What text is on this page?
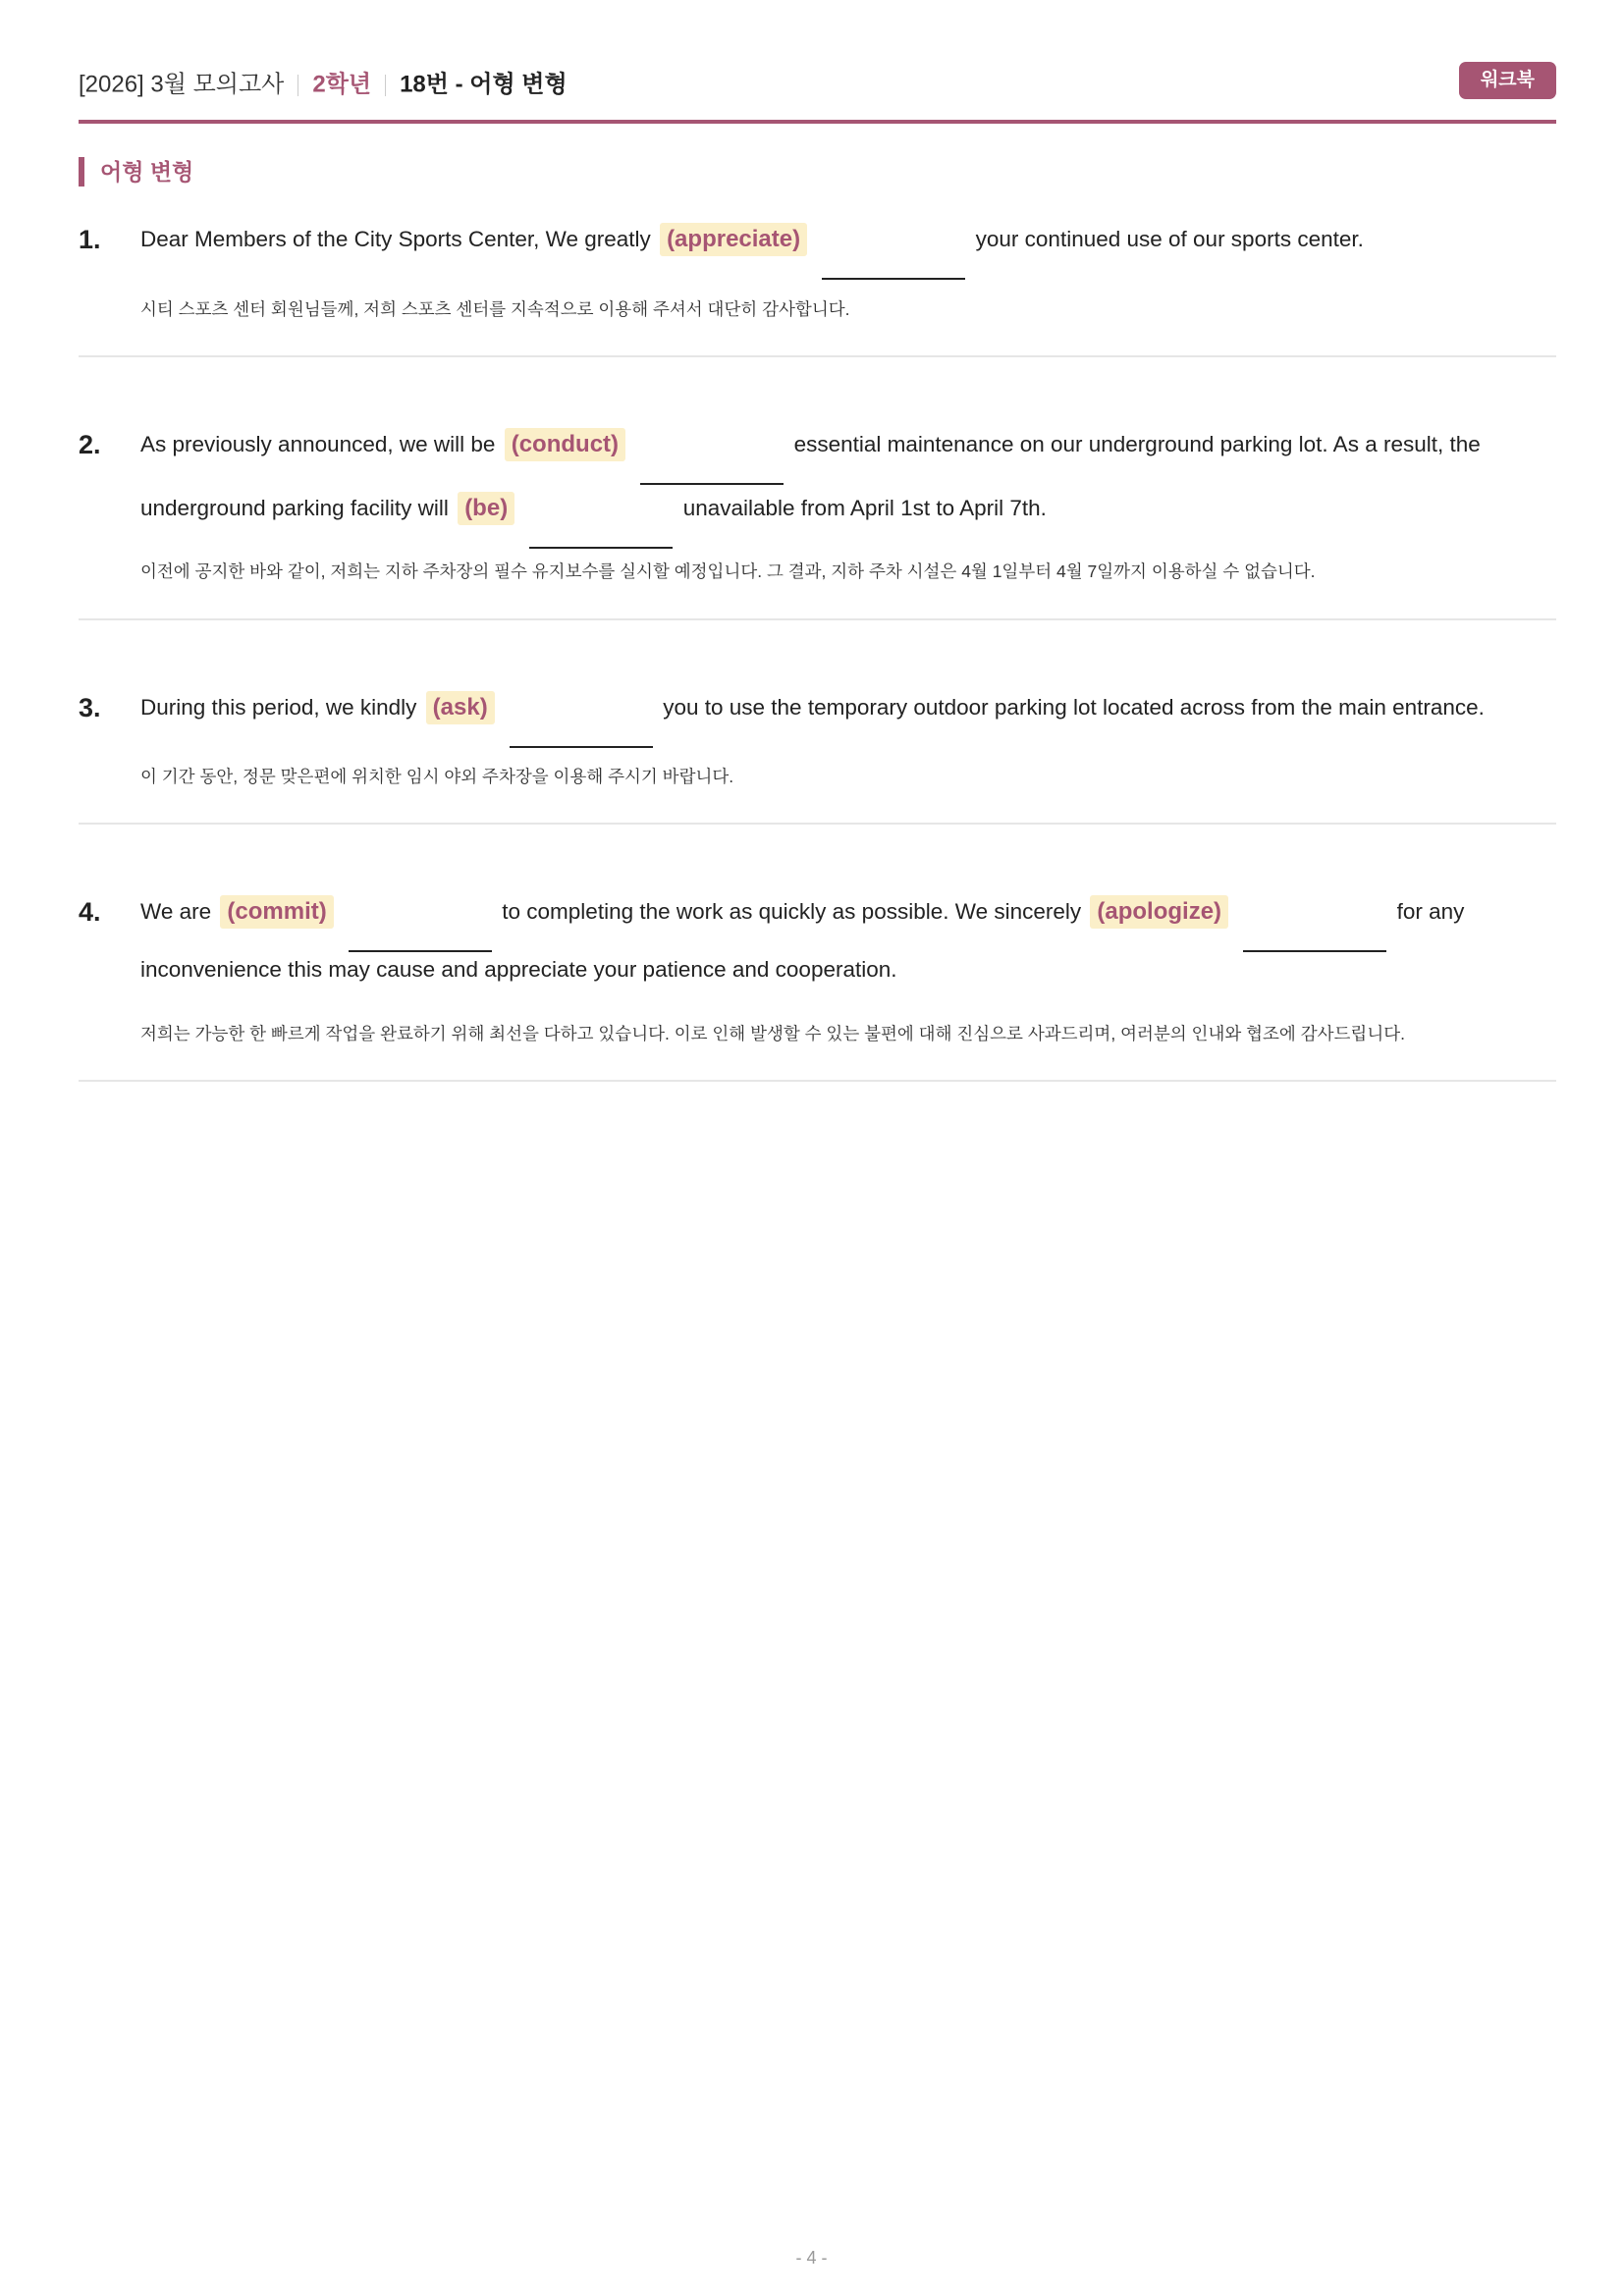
[2026] 3월 모의고사 2학년 18번 - 어형 변형	워크북
어형 변형
1. Dear Members of the City Sports Center, We greatly (appreciate)	your continued use of our sports center.
시티 스포츠 센터 회원님들께, 저희 스포츠 센터를 지속적으로 이용해 주셔서 대단히 감사합니다.
2. As previously announced, we will be (conduct)	essential maintenance on our underground parking lot. As a result, the
underground parking facility will (be)	unavailable from April 1st to April 7th.
이전에 공지한 바와 같이, 저희는 지하 주차장의 필수 유지보수를 실시할 예정입니다. 그 결과, 지하 주차 시설은 4월 1일부터 4월 7일까지 이용하실 수 없습니다.
3. During this period, we kindly (ask)	you to use the temporary outdoor parking lot located across from the main entrance.
이 기간 동안, 정문 맞은편에 위치한 임시 야외 주차장을 이용해 주시기 바랍니다.
4. We are (commit)	to completing the work as quickly as possible. We sincerely (apologize)	for any
inconvenience this may cause and appreciate your patience and cooperation.
저희는 가능한 한 빠르게 작업을 완료하기 위해 최선을 다하고 있습니다. 이로 인해 발생할 수 있는 불편에 대해 진심으로 사과드리며, 여러분의 인내와 협조에 감사드립니다.
- 4 -
